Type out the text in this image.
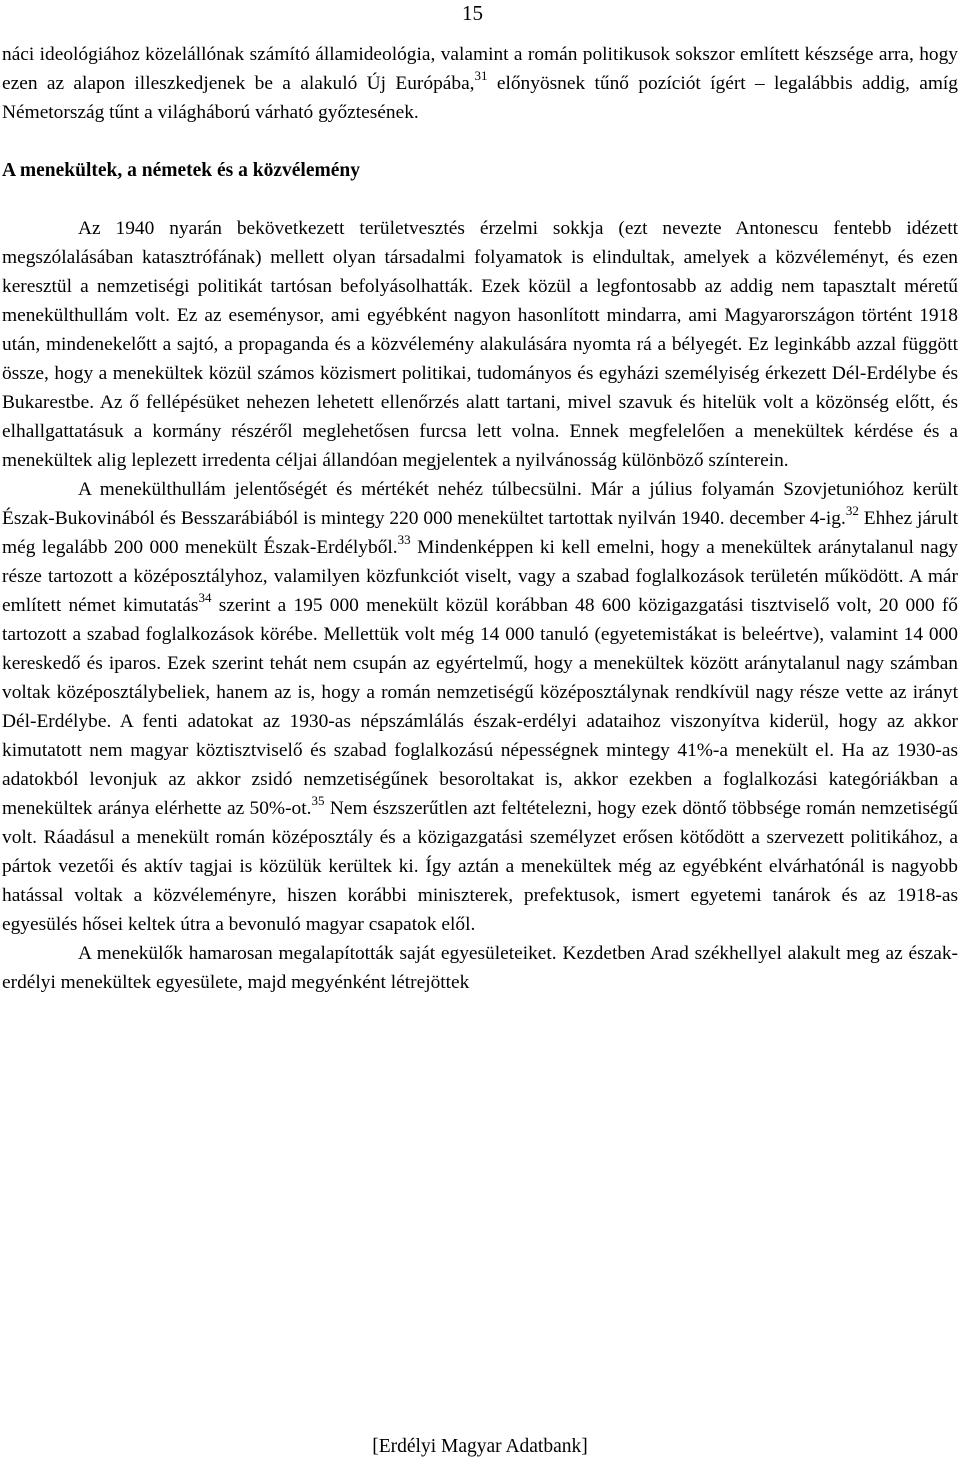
15

náci ideológiához közelállónak számító államideológia, valamint a román politikusok sokszor említett készsége arra, hogy ezen az alapon illeszkedjenek be a alakuló Új Európába,$^{31}$ előnyösnek tűnő pozíciót ígért – legalábbis addig, amíg Németország tűnt a világháború várható győztesének.

A menekültek, a németek és a közvélemény

Az 1940 nyarán bekövetkezett területvesztés érzelmi sokkja (ezt nevezte Antonescu fentebb idézett megszólalásában katasztrófának) mellett olyan társadalmi folyamatok is elindultak, amelyek a közvéleményt, és ezen keresztül a nemzetiségi politikát tartósan befolyásolhatták. Ezek közül a legfontosabb az addig nem tapasztalt méretű menekülthullám volt. Ez az eseménysor, ami egyébként nagyon hasonlított mindarra, ami Magyarországon történt 1918 után, mindenekelőtt a sajtó, a propaganda és a közvélemény alakulására nyomta rá a bélyegét. Ez leginkább azzal függött össze, hogy a menekültek közül számos közismert politikai, tudományos és egyházi személyiség érkezett Dél-Erdélybe és Bukarestbe. Az ő fellépésüket nehezen lehetett ellenőrzés alatt tartani, mivel szavuk és hitelük volt a közönség előtt, és elhallgattatásuk a kormány részéről meglehetősen furcsa lett volna. Ennek megfelelően a menekültek kérdése és a menekültek alig leplezett irredenta céljai állandóan megjelentek a nyilvánosság különböző színterein.

A menekülthullám jelentőségét és mértékét nehéz túlbecsülni. Már a július folyamán Szovjetunióhoz került Észak-Bukovinából és Besszarábiából is mintegy 220 000 menekültet tartottak nyilván 1940. december 4-ig.$^{32}$ Ehhez járult még legalább 200 000 menekült Észak-Erdélyből.$^{33}$ Mindenképpen ki kell emelni, hogy a menekültek aránytalanul nagy része tartozott a középosztályhoz, valamilyen közfunkciót viselt, vagy a szabad foglalkozások területén működött. A már említett német kimutatás$^{34}$ szerint a 195 000 menekült közül korábban 48 600 közigazgatási tisztviselő volt, 20 000 fő tartozott a szabad foglalkozások körébe. Mellettük volt még 14 000 tanuló (egyetemistákat is beleértve), valamint 14 000 kereskedő és iparos. Ezek szerint tehát nem csupán az egyértelmű, hogy a menekültek között aránytalanul nagy számban voltak középosztálybeliek, hanem az is, hogy a román nemzetiségű középosztálynak rendkívül nagy része vette az irányt Dél-Erdélybe. A fenti adatokat az 1930-as népszámlálás észak-erdélyi adataihoz viszonyítva kiderül, hogy az akkor kimutatott nem magyar köztisztviselő és szabad foglalkozású népességnek mintegy 41%-a menekült el. Ha az 1930-as adatokból levonjuk az akkor zsidó nemzetiségűnek besoroltakat is, akkor ezekben a foglalkozási kategóriákban a menekültek aránya elérhette az 50%-ot.$^{35}$ Nem észszerűtlen azt feltételezni, hogy ezek döntő többsége román nemzetiségű volt. Ráadásul a menekült román középosztály és a közigazgatási személyzet erősen kötődött a szervezett politikához, a pártok vezetői és aktív tagjai is közülük kerültek ki. Így aztán a menekültek még az egyébként elvárhatónál is nagyobb hatással voltak a közvéleményre, hiszen korábbi miniszterek, prefektusok, ismert egyetemi tanárok és az 1918-as egyesülés hősei keltek útra a bevonuló magyar csapatok elől.

A menekülők hamarosan megalapították saját egyesületeiket. Kezdetben Arad székhellyel alakult meg az észak-erdélyi menekültek egyesülete, majd megyénként létrejöttek

[Erdélyi Magyar Adatbank]
